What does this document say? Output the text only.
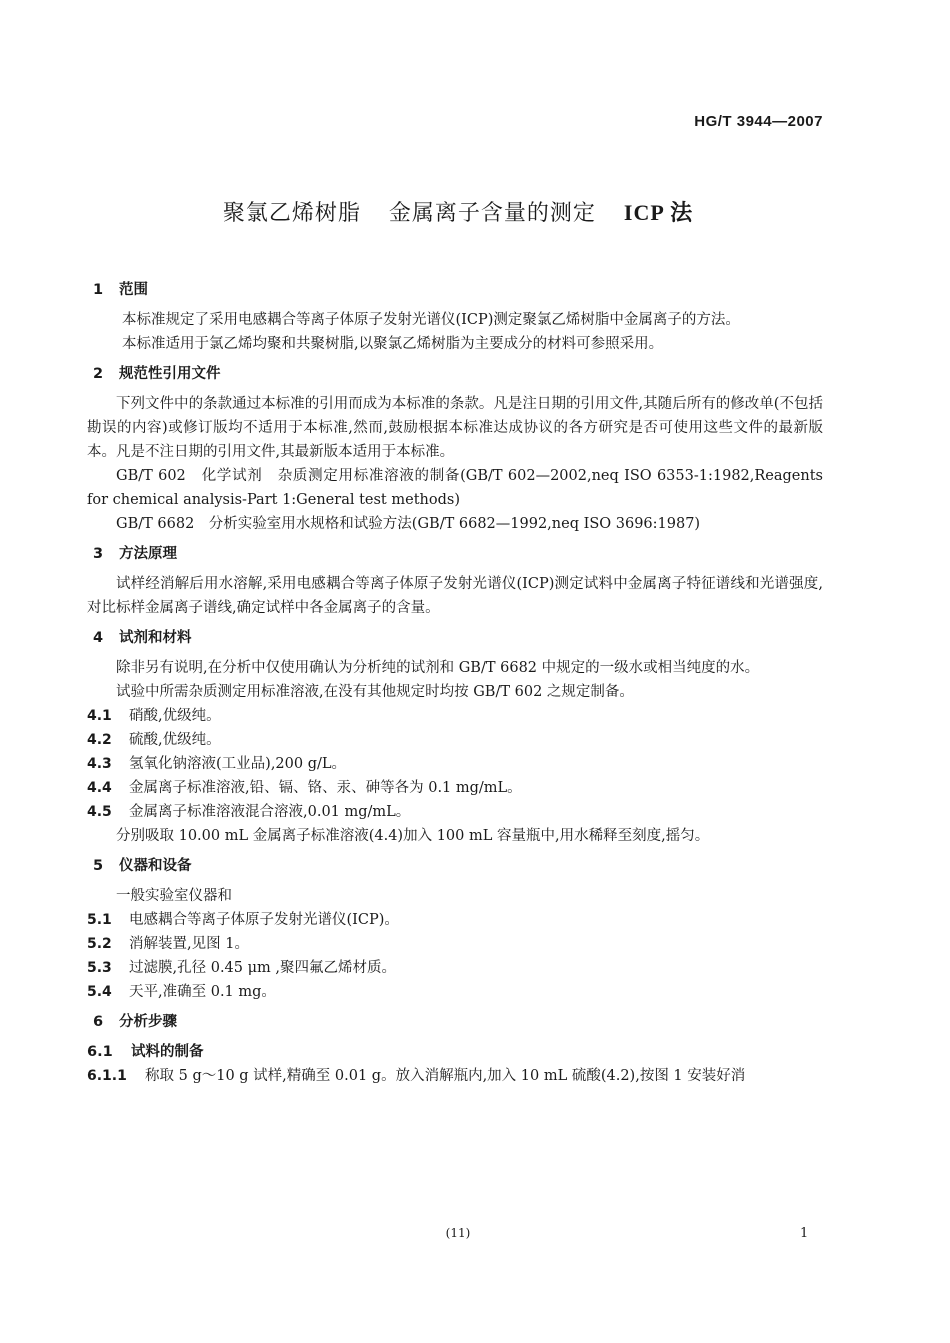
HG/T 3944—2007
聚氯乙烯树脂 金属离子含量的测定 ICP 法

1 范围

本标准规定了采用电感耦合等离子体原子发射光谱仪(ICP)测定聚氯乙烯树脂中金属离子的方法。

本标准适用于氯乙烯均聚和共聚树脂,以聚氯乙烯树脂为主要成分的材料可参照采用。

2 规范性引用文件

下列文件中的条款通过本标准的引用而成为本标准的条款。凡是注日期的引用文件,其随后所有的修改单(不包括勘误的内容)或修订版均不适用于本标准,然而,鼓励根据本标准达成协议的各方研究是否可使用这些文件的最新版本。凡是不注日期的引用文件,其最新版本适用于本标准。

GB/T 602　化学试剂　杂质测定用标准溶液的制备(GB/T 602—2002,neq ISO 6353-1:1982,Reagents for chemical analysis-Part 1:General test methods)

GB/T 6682　分析实验室用水规格和试验方法(GB/T 6682—1992,neq ISO 3696:1987)

3 方法原理

试样经消解后用水溶解,采用电感耦合等离子体原子发射光谱仪(ICP)测定试料中金属离子特征谱线和光谱强度,对比标样金属离子谱线,确定试样中各金属离子的含量。

4 试剂和材料

除非另有说明,在分析中仅使用确认为分析纯的试剂和 GB/T 6682 中规定的一级水或相当纯度的水。

试验中所需杂质测定用标准溶液,在没有其他规定时均按 GB/T 602 之规定制备。

4.1 硝酸,优级纯。

4.2 硫酸,优级纯。

4.3 氢氧化钠溶液(工业品),200 g/L。

4.4 金属离子标准溶液,铅、镉、铬、汞、砷等各为 0.1 mg/mL。

4.5 金属离子标准溶液混合溶液,0.01 mg/mL。

分别吸取 10.00 mL 金属离子标准溶液(4.4)加入 100 mL 容量瓶中,用水稀释至刻度,摇匀。

5 仪器和设备

一般实验室仪器和

5.1 电感耦合等离子体原子发射光谱仪(ICP)。

5.2 消解装置,见图 1。

5.3 过滤膜,孔径 0.45 μm ,聚四氟乙烯材质。

5.4 天平,准确至 0.1 mg。

6 分析步骤

6.1 试料的制备

6.1.1 称取 5 g～10 g 试样,精确至 0.01 g。放入消解瓶内,加入 10 mL 硫酸(4.2),按图 1 安装好消

(11)	1
